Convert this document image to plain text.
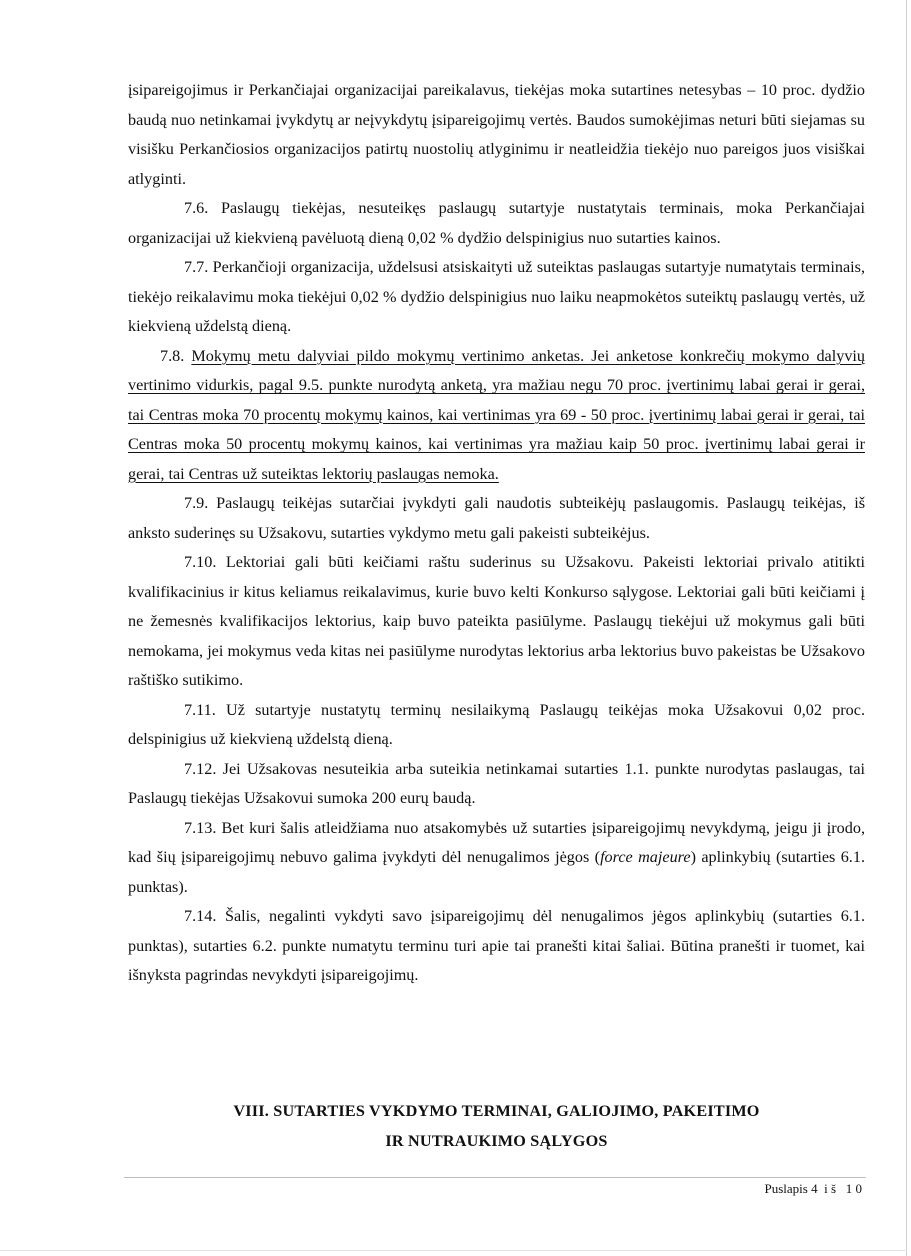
įsipareigojimus ir Perkančiajai organizacijai pareikalavus, tiekėjas moka sutartines netesybas – 10 proc. dydžio baudą nuo netinkamai įvykdytų ar neįvykdytų įsipareigojimų vertės. Baudos sumokėjimas neturi būti siejamas su visišku Perkančiosios organizacijos patirtų nuostolių atlyginimu ir neatleidžia tiekėjo nuo pareigos juos visiškai atlyginti.

7.6. Paslaugų tiekėjas, nesuteikęs paslaugų sutartyje nustatytais terminais, moka Perkančiajai organizacijai už kiekvieną pavėluotą dieną 0,02 % dydžio delspinigius nuo sutarties kainos.

7.7. Perkančioji organizacija, uždelsusi atsiskaityti už suteiktas paslaugas sutartyje numatytais terminais, tiekėjo reikalavimu moka tiekėjui 0,02 % dydžio delspinigius nuo laiku neapmokėtos suteiktų paslaugų vertės, už kiekvieną uždelstą dieną.

7.8. Mokymų metu dalyviai pildo mokymų vertinimo anketas. Jei anketose konkrečių mokymo dalyvių vertinimo vidurkis, pagal 9.5. punkte nurodytą anketą, yra mažiau negu 70 proc. įvertinimų labai gerai ir gerai, tai Centras moka 70 procentų mokymų kainos, kai vertinimas yra 69 - 50 proc. įvertinimų labai gerai ir gerai, tai Centras moka 50 procentų mokymų kainos, kai vertinimas yra mažiau kaip 50 proc. įvertinimų labai gerai ir gerai, tai Centras už suteiktas lektorių paslaugas nemoka.

7.9. Paslaugų teikėjas sutarčiai įvykdyti gali naudotis subteikėjų paslaugomis. Paslaugų teikėjas, iš anksto suderinęs su Užsakovu, sutarties vykdymo metu gali pakeisti subteikėjus.

7.10. Lektoriai gali būti keičiami raštu suderinus su Užsakovu. Pakeisti lektoriai privalo atitikti kvalifikacinius ir kitus keliamus reikalavimus, kurie buvo kelti Konkurso sąlygose. Lektoriai gali būti keičiami į ne žemesnės kvalifikacijos lektorius, kaip buvo pateikta pasiūlyme. Paslaugų tiekėjui už mokymus gali būti nemokama, jei mokymus veda kitas nei pasiūlyme nurodytas lektorius arba lektorius buvo pakeistas be Užsakovo raštiško sutikimo.

7.11. Už sutartyje nustatytų terminų nesilaikymą Paslaugų teikėjas moka Užsakovui 0,02 proc. delspinigius už kiekvieną uždelstą dieną.

7.12. Jei Užsakovas nesuteikia arba suteikia netinkamai sutarties 1.1. punkte nurodytas paslaugas, tai Paslaugų tiekėjas Užsakovui sumoka 200 eurų baudą.

7.13. Bet kuri šalis atleidžiama nuo atsakomybės už sutarties įsipareigojimų nevykdymą, jeigu ji įrodo, kad šių įsipareigojimų nebuvo galima įvykdyti dėl nenugalimos jėgos (force majeure) aplinkybių (sutarties 6.1. punktas).

7.14. Šalis, negalinti vykdyti savo įsipareigojimų dėl nenugalimos jėgos aplinkybių (sutarties 6.1. punktas), sutarties 6.2. punkte numatytu terminu turi apie tai pranešti kitai šaliai. Būtina pranešti ir tuomet, kai išnyksta pagrindas nevykdyti įsipareigojimų.

VIII. SUTARTIES VYKDYMO TERMINAI, GALIOJIMO, PAKEITIMO
IR NUTRAUKIMO SĄLYGOS
Puslapis 4 i š 1 0
